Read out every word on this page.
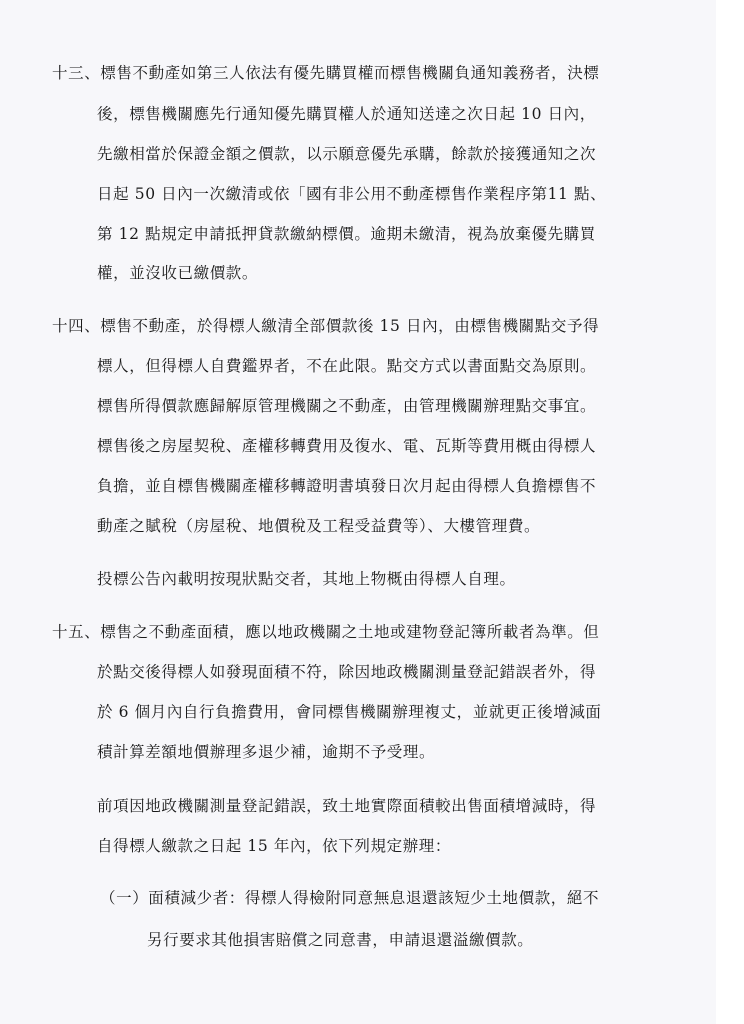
十三、標售不動產如第三人依法有優先購買權而標售機關負通知義務者，決標
後，標售機關應先行通知優先購買權人於通知送達之次日起 10 日內，
先繳相當於保證金額之價款，以示願意優先承購，餘款於接獲通知之次
日起 50 日內一次繳清或依「國有非公用不動產標售作業程序第11 點、
第 12 點規定申請抵押貸款繳納標價。逾期未繳清，視為放棄優先購買
權，並沒收已繳價款。
十四、標售不動產，於得標人繳清全部價款後 15 日內，由標售機關點交予得
標人，但得標人自費鑑界者，不在此限。點交方式以書面點交為原則。
標售所得價款應歸解原管理機關之不動產，由管理機關辦理點交事宜。
標售後之房屋契稅、產權移轉費用及復水、電、瓦斯等費用概由得標人
負擔，並自標售機關產權移轉證明書填發日次月起由得標人負擔標售不
動產之賦稅（房屋稅、地價稅及工程受益費等）、大樓管理費。
投標公告內載明按現狀點交者，其地上物概由得標人自理。
十五、標售之不動產面積，應以地政機關之土地或建物登記簿所載者為準。但
於點交後得標人如發現面積不符，除因地政機關測量登記錯誤者外，得
於 6 個月內自行負擔費用，會同標售機關辦理複丈，並就更正後增減面
積計算差額地價辦理多退少補，逾期不予受理。
前項因地政機關測量登記錯誤，致土地實際面積較出售面積增減時，得
自得標人繳款之日起 15 年內，依下列規定辦理：
（一）面積減少者：得標人得檢附同意無息退還該短少土地價款，絕不
另行要求其他損害賠償之同意書，申請退還溢繳價款。
